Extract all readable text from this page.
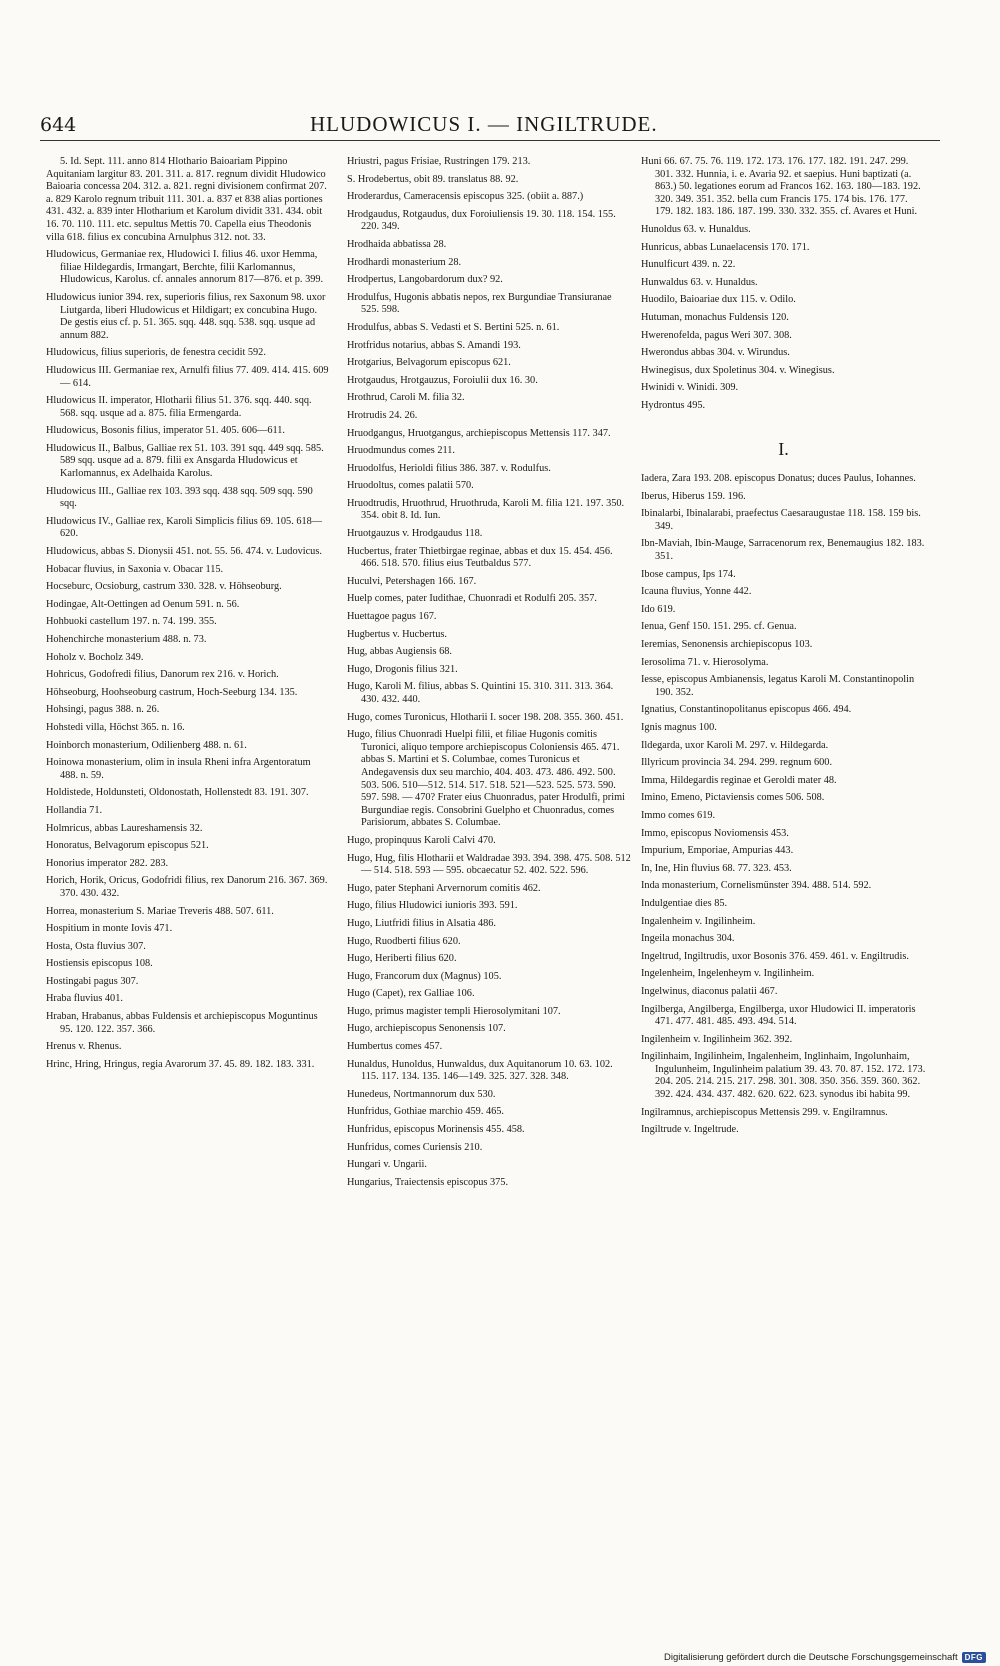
644	HLUDOWICUS I. — INGILTRUDE.
5. Id. Sept. 111. anno 814 Hlothario Baioariam Pippino Aquitaniam largitur 83. 201. 311. a. 817. regnum dividit Hludowico Baioaria concessa 204. 312. a. 821. regni divisionem confirmat 207. a. 829 Karolo regnum tribuit 111. 301. a. 837 et 838 alias portiones 431. 432. a. 839 inter Hlotharium et Karolum dividit 331. 434. obit 16. 70. 110. 111. etc. sepultus Mettis 70. Capella eius Theodonis villa 618. filius ex concubina Arnulphus 312. not. 33.
Hludowicus, Germaniae rex, Hludowici I. filius 46. uxor Hemma, filiae Hildegardis, Irmangart, Berchte, filii Karlomannus, Hludowicus, Karolus. cf. annales annorum 817—876. et p. 399.
Hludowicus iunior 394. rex, superioris filius, rex Saxonum 98. uxor Liutgarda, liberi Hludowicus et Hildigart; ex concubina Hugo. De gestis eius cf. p. 51. 365. sqq. 448. sqq. 538. sqq. usque ad annum 882.
Hludowicus, filius superioris, de fenestra cecidit 592.
Hludowicus III. Germaniae rex, Arnulfi filius 77. 409. 414. 415. 609 — 614.
Hludowicus II. imperator, Hlotharii filius 51. 376. sqq. 440. sqq. 568. sqq. usque ad a. 875. filia Ermengarda.
Hludowicus, Bosonis filius, imperator 51. 405. 606—611.
Hludowicus II., Balbus, Galliae rex 51. 103. 391 sqq. 449 sqq. 585. 589 sqq. usque ad a. 879. filii ex Ansgarda Hludowicus et Karlomannus, ex Adelhaida Karolus.
Hludowicus III., Galliae rex 103. 393 sqq. 438 sqq. 509 sqq. 590 sqq.
Hludowicus IV., Galliae rex, Karoli Simplicis filius 69. 105. 618—620.
Hludowicus, abbas S. Dionysii 451. not. 55. 56. 474. v. Ludovicus.
Hobacar fluvius, in Saxonia v. Obacar 115.
Hocseburc, Ocsioburg, castrum 330. 328. v. Höhseoburg.
Hodingae, Alt-Oettingen ad Oenum 591. n. 56.
Hohbuoki castellum 197. n. 74. 199. 355.
Hohenchirche monasterium 488. n. 73.
Hoholz v. Bocholz 349.
Hohricus, Godofredi filius, Danorum rex 216. v. Horich.
Höhseoburg, Hoohseoburg castrum, Hoch-Seeburg 134. 135.
Hohsingi, pagus 388. n. 26.
Hohstedi villa, Höchst 365. n. 16.
Hoinborch monasterium, Odilienberg 488. n. 61.
Hoinowa monasterium, olim in insula Rheni infra Argentoratum 488. n. 59.
Holdistede, Holdunsteti, Oldonostath, Hollenstedt 83. 191. 307.
Hollandia 71.
Holmricus, abbas Laureshamensis 32.
Honoratus, Belvagorum episcopus 521.
Honorius imperator 282. 283.
Horich, Horik, Oricus, Godofridi filius, rex Danorum 216. 367. 369. 370. 430. 432.
Horrea, monasterium S. Mariae Treveris 488. 507. 611.
Hospitium in monte Iovis 471.
Hosta, Osta fluvius 307.
Hostiensis episcopus 108.
Hostingabi pagus 307.
Hraba fluvius 401.
Hraban, Hrabanus, abbas Fuldensis et archiepiscopus Moguntinus 95. 120. 122. 357. 366.
Hrenus v. Rhenus.
Hrinc, Hring, Hringus, regia Avarorum 37. 45. 89. 182. 183. 331.
Hriustri, pagus Frisiae, Rustringen 179. 213.
S. Hrodebertus, obit 89. translatus 88. 92.
Hroderardus, Cameracensis episcopus 325. (obiit a. 887.)
Hrodgaudus, Rotgaudus, dux Foroiuliensis 19. 30. 118. 154. 155. 220. 349.
Hrodhaida abbatissa 28.
Hrodhardi monasterium 28.
Hrodpertus, Langobardorum dux? 92.
Hrodulfus, Hugonis abbatis nepos, rex Burgundiae Transiuranae 525. 598.
Hrodulfus, abbas S. Vedasti et S. Bertini 525. n. 61.
Hrotfridus notarius, abbas S. Amandi 193.
Hrotgarius, Belvagorum episcopus 621.
Hrotgaudus, Hrotgauzus, Foroiulii dux 16. 30.
Hrothrud, Caroli M. filia 32.
Hrotrudis 24. 26.
Hruodgangus, Hruotgangus, archiepiscopus Mettensis 117. 347.
Hruodmundus comes 211.
Hruodolfus, Herioldi filius 386. 387. v. Rodulfus.
Hruodoltus, comes palatii 570.
Hruodtrudis, Hruothrud, Hruothruda, Karoli M. filia 121. 197. 350. 354. obit 8. Id. Iun.
Hruotgauzus v. Hrodgaudus 118.
Hucbertus, frater Thietbirgae reginae, abbas et dux 15. 454. 456. 466. 518. 570. filius eius Teutbaldus 577.
Huculvi, Petershagen 166. 167.
Huelp comes, pater Iudithae, Chuonradi et Rodulfi 205. 357.
Huettagoe pagus 167.
Hugbertus v. Hucbertus.
Hug, abbas Augiensis 68.
Hugo, Drogonis filius 321.
Hugo, Karoli M. filius, abbas S. Quintini 15. 310. 311. 313. 364. 430. 432. 440.
Hugo, comes Turonicus, Hlotharii I. socer 198. 208. 355. 360. 451.
Hugo, filius Chuonradi Huelpi filii, et filiae Hugonis comitis Turonici, aliquo tempore archiepiscopus Coloniensis 465. 471. abbas S. Martini et S. Columbae, comes Turonicus et Andegavensis dux seu marchio, 404. 403. 473. 486. 492. 500. 503. 506. 510—512. 514. 517. 518. 521—523. 525. 573. 590. 597. 598. — 470? Frater eius Chuonradus, pater Hrodulfi, primi Burgundiae regis. Consobrini Guelpho et Chuonradus, comes Parisiorum, abbates S. Columbae.
Hugo, propinquus Karoli Calvi 470.
Hugo, Hug, filis Hlotharii et Waldradae 393. 394. 398. 475. 508. 512 — 514. 518. 593 — 595. obcaecatur 52. 402. 522. 596.
Hugo, pater Stephani Arvernorum comitis 462.
Hugo, filius Hludowici iunioris 393. 591.
Hugo, Liutfridi filius in Alsatia 486.
Hugo, Ruodberti filius 620.
Hugo, Heriberti filius 620.
Hugo, Francorum dux (Magnus) 105.
Hugo (Capet), rex Galliae 106.
Hugo, primus magister templi Hierosolymitani 107.
Hugo, archiepiscopus Senonensis 107.
Humbertus comes 457.
Hunaldus, Hunoldus, Hunwaldus, dux Aquitanorum 10. 63. 102. 115. 117. 134. 135. 146—149. 325. 327. 328. 348.
Hunedeus, Nortmannorum dux 530.
Hunfridus, Gothiae marchio 459. 465.
Hunfridus, episcopus Morinensis 455. 458.
Hunfridus, comes Curiensis 210.
Hungari v. Ungarii.
Hungarius, Traiectensis episcopus 375.
Huni 66. 67. 75. 76. 119. 172. 173. 176. 177. 182. 191. 247. 299. 301. 332. Hunnia, i. e. Avaria 92. et saepius. Huni baptizati (a. 863.) 50. legationes eorum ad Francos 162. 163. 180—183. 192. 320. 349. 351. 352. bella cum Francis 175. 174 bis. 176. 177. 179. 182. 183. 186. 187. 199. 330. 332. 355. cf. Avares et Huni.
Hunoldus 63. v. Hunaldus.
Hunricus, abbas Lunaelacensis 170. 171.
Hunulficurt 439. n. 22.
Hunwaldus 63. v. Hunaldus.
Huodilo, Baioariae dux 115. v. Odilo.
Hutuman, monachus Fuldensis 120.
Hwerenofelda, pagus Weri 307. 308.
Hwerondus abbas 304. v. Wirundus.
Hwinegisus, dux Spoletinus 304. v. Winegisus.
Hwinidi v. Winidi. 309.
Hydrontus 495.
I.
Iadera, Zara 193. 208. episcopus Donatus; duces Paulus, Iohannes.
Iberus, Hiberus 159. 196.
Ibinalarbi, Ibinalarabi, praefectus Caesaraugustae 118. 158. 159 bis. 349.
Ibn-Maviah, Ibin-Mauge, Sarracenorum rex, Benemaugius 182. 183. 351.
Ibose campus, Ips 174.
Icauna fluvius, Yonne 442.
Ido 619.
Ienua, Genf 150. 151. 295. cf. Genua.
Ieremias, Senonensis archiepiscopus 103.
Ierosolima 71. v. Hierosolyma.
Iesse, episcopus Ambianensis, legatus Karoli M. Constantinopolin 190. 352.
Ignatius, Constantinopolitanus episcopus 466. 494.
Ignis magnus 100.
Ildegarda, uxor Karoli M. 297. v. Hildegarda.
Illyricum provincia 34. 294. 299. regnum 600.
Imma, Hildegardis reginae et Geroldi mater 48.
Imino, Emeno, Pictaviensis comes 506. 508.
Immo comes 619.
Immo, episcopus Noviomensis 453.
Impurium, Emporiae, Ampurias 443.
In, Ine, Hin fluvius 68. 77. 323. 453.
Inda monasterium, Cornelismünster 394. 488. 514. 592.
Indulgentiae dies 85.
Ingalenheim v. Ingilinheim.
Ingeila monachus 304.
Ingeltrud, Ingiltrudis, uxor Bosonis 376. 459. 461. v. Engiltrudis.
Ingelenheim, Ingelenheym v. Ingilinheim.
Ingelwinus, diaconus palatii 467.
Ingilberga, Angilberga, Engilberga, uxor Hludowici II. imperatoris 471. 477. 481. 485. 493. 494. 514.
Ingilenheim v. Ingilinheim 362. 392.
Ingilinhaim, Ingilinheim, Ingalenheim, Inglinhaim, Ingolunhaim, Ingulunheim, Ingulinheim palatium 39. 43. 70. 87. 152. 172. 173. 204. 205. 214. 215. 217. 298. 301. 308. 350. 356. 359. 360. 362. 392. 424. 434. 437. 482. 620. 622. 623. synodus ibi habita 99.
Ingilramnus, archiepiscopus Mettensis 299. v. Engilramnus.
Ingiltrude v. Ingeltrude.
Digitalisierung gefördert durch die Deutsche Forschungsgemeinschaft DFG
